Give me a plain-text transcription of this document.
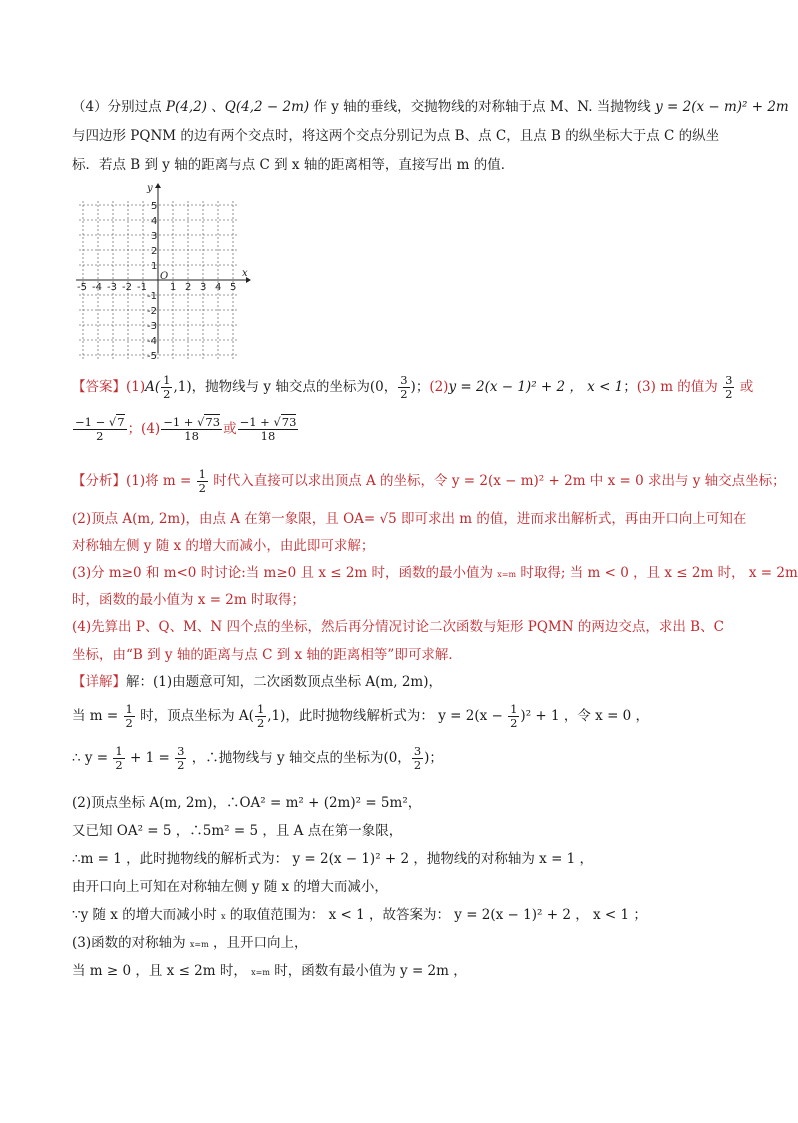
（4）分别过点 P(4,2) 、Q(4,2 − 2m) 作 y 轴的垂线，交抛物线的对称轴于点 M、N. 当抛物线 y = 2(x − m)² + 2m
与四边形 PQNM 的边有两个交点时，将这两个交点分别记为点 B、点 C，且点 B 的纵坐标大于点 C 的纵坐
标．若点 B 到 y 轴的距离与点 C 到 x 轴的距离相等，直接写出 m 的值．
x
y
O
-5 -4 -3 -2 -1 1 2 3 4 5
5
4
3
2
1
-1
-2
-3
-4
-5
【答案】$(1)A( \frac{1}{2} ,1)$，抛物线与 y 轴交点的坐标为(0， $\frac{3}{2}$ )；(2)y = 2(x − 1)² + 2 ， x < 1；(3) m 的值为 $\frac{3}{2}$ 或
$\frac{-1 - √7}{2}$ ；$(4) \frac{-1 + √73}{18}$ 或 $\frac{-1 + √73}{18}$
【分析】(1)将 $m = \frac{1}{2}$ 时代入直接可以求出顶点 A 的坐标，令 y = 2(x − m)² + 2m 中 x = 0 求出与 y 轴交点坐标；
(2)顶点 A(m, 2m)，由点 A 在第一象限，且 OA= √5 即可求出 m 的值，进而求出解析式，再由开口向上可知在
对称轴左侧 y 随 x 的增大而减小，由此即可求解；
(3)分 m≥0 和 m<0 时讨论:当 m≥0 且 x ≤ 2m 时，函数的最小值为 x=m 时取得; 当 m < 0 ，且 x ≤ 2m 时， x = 2m
时，函数的最小值为 x = 2m 时取得；
(4)先算出 P、Q、M、N 四个点的坐标，然后再分情况讨论二次函数与矩形 PQMN 的两边交点，求出 B、C
坐标，由“B 到 y 轴的距离与点 C 到 x 轴的距离相等”即可求解．
【详解】解：(1)由题意可知，二次函数顶点坐标 A(m, 2m)，
当 $m = \frac{1}{2}$ 时，顶点坐标为 $A( \frac{1}{2} ,1)$，此时抛物线解析式为： $y = 2(x - \frac{1}{2} )^2 + 1$ ，令 x = 0 ，
∴ $y = \frac{1}{2} + 1 = \frac{3}{2}$ ，∴抛物线与 y 轴交点的坐标为(0， $\frac{3}{2}$ )；
(2)顶点坐标 A(m, 2m)，∴OA² = m² + (2m)² = 5m²，
又已知 OA² = 5 ，∴5m² = 5 ，且 A 点在第一象限，
∴m = 1 ，此时抛物线的解析式为： y = 2(x − 1)² + 2 ，抛物线的对称轴为 x = 1 ，
由开口向上可知在对称轴左侧 y 随 x 的增大而减小，
∵y 随 x 的增大而减小时 x 的取值范围为： x < 1 ，故答案为： y = 2(x − 1)² + 2 ， x < 1 ；
(3)函数的对称轴为 x=m ，且开口向上，
当 m ≥ 0 ，且 x ≤ 2m 时， x=m 时，函数有最小值为 y = 2m ，
